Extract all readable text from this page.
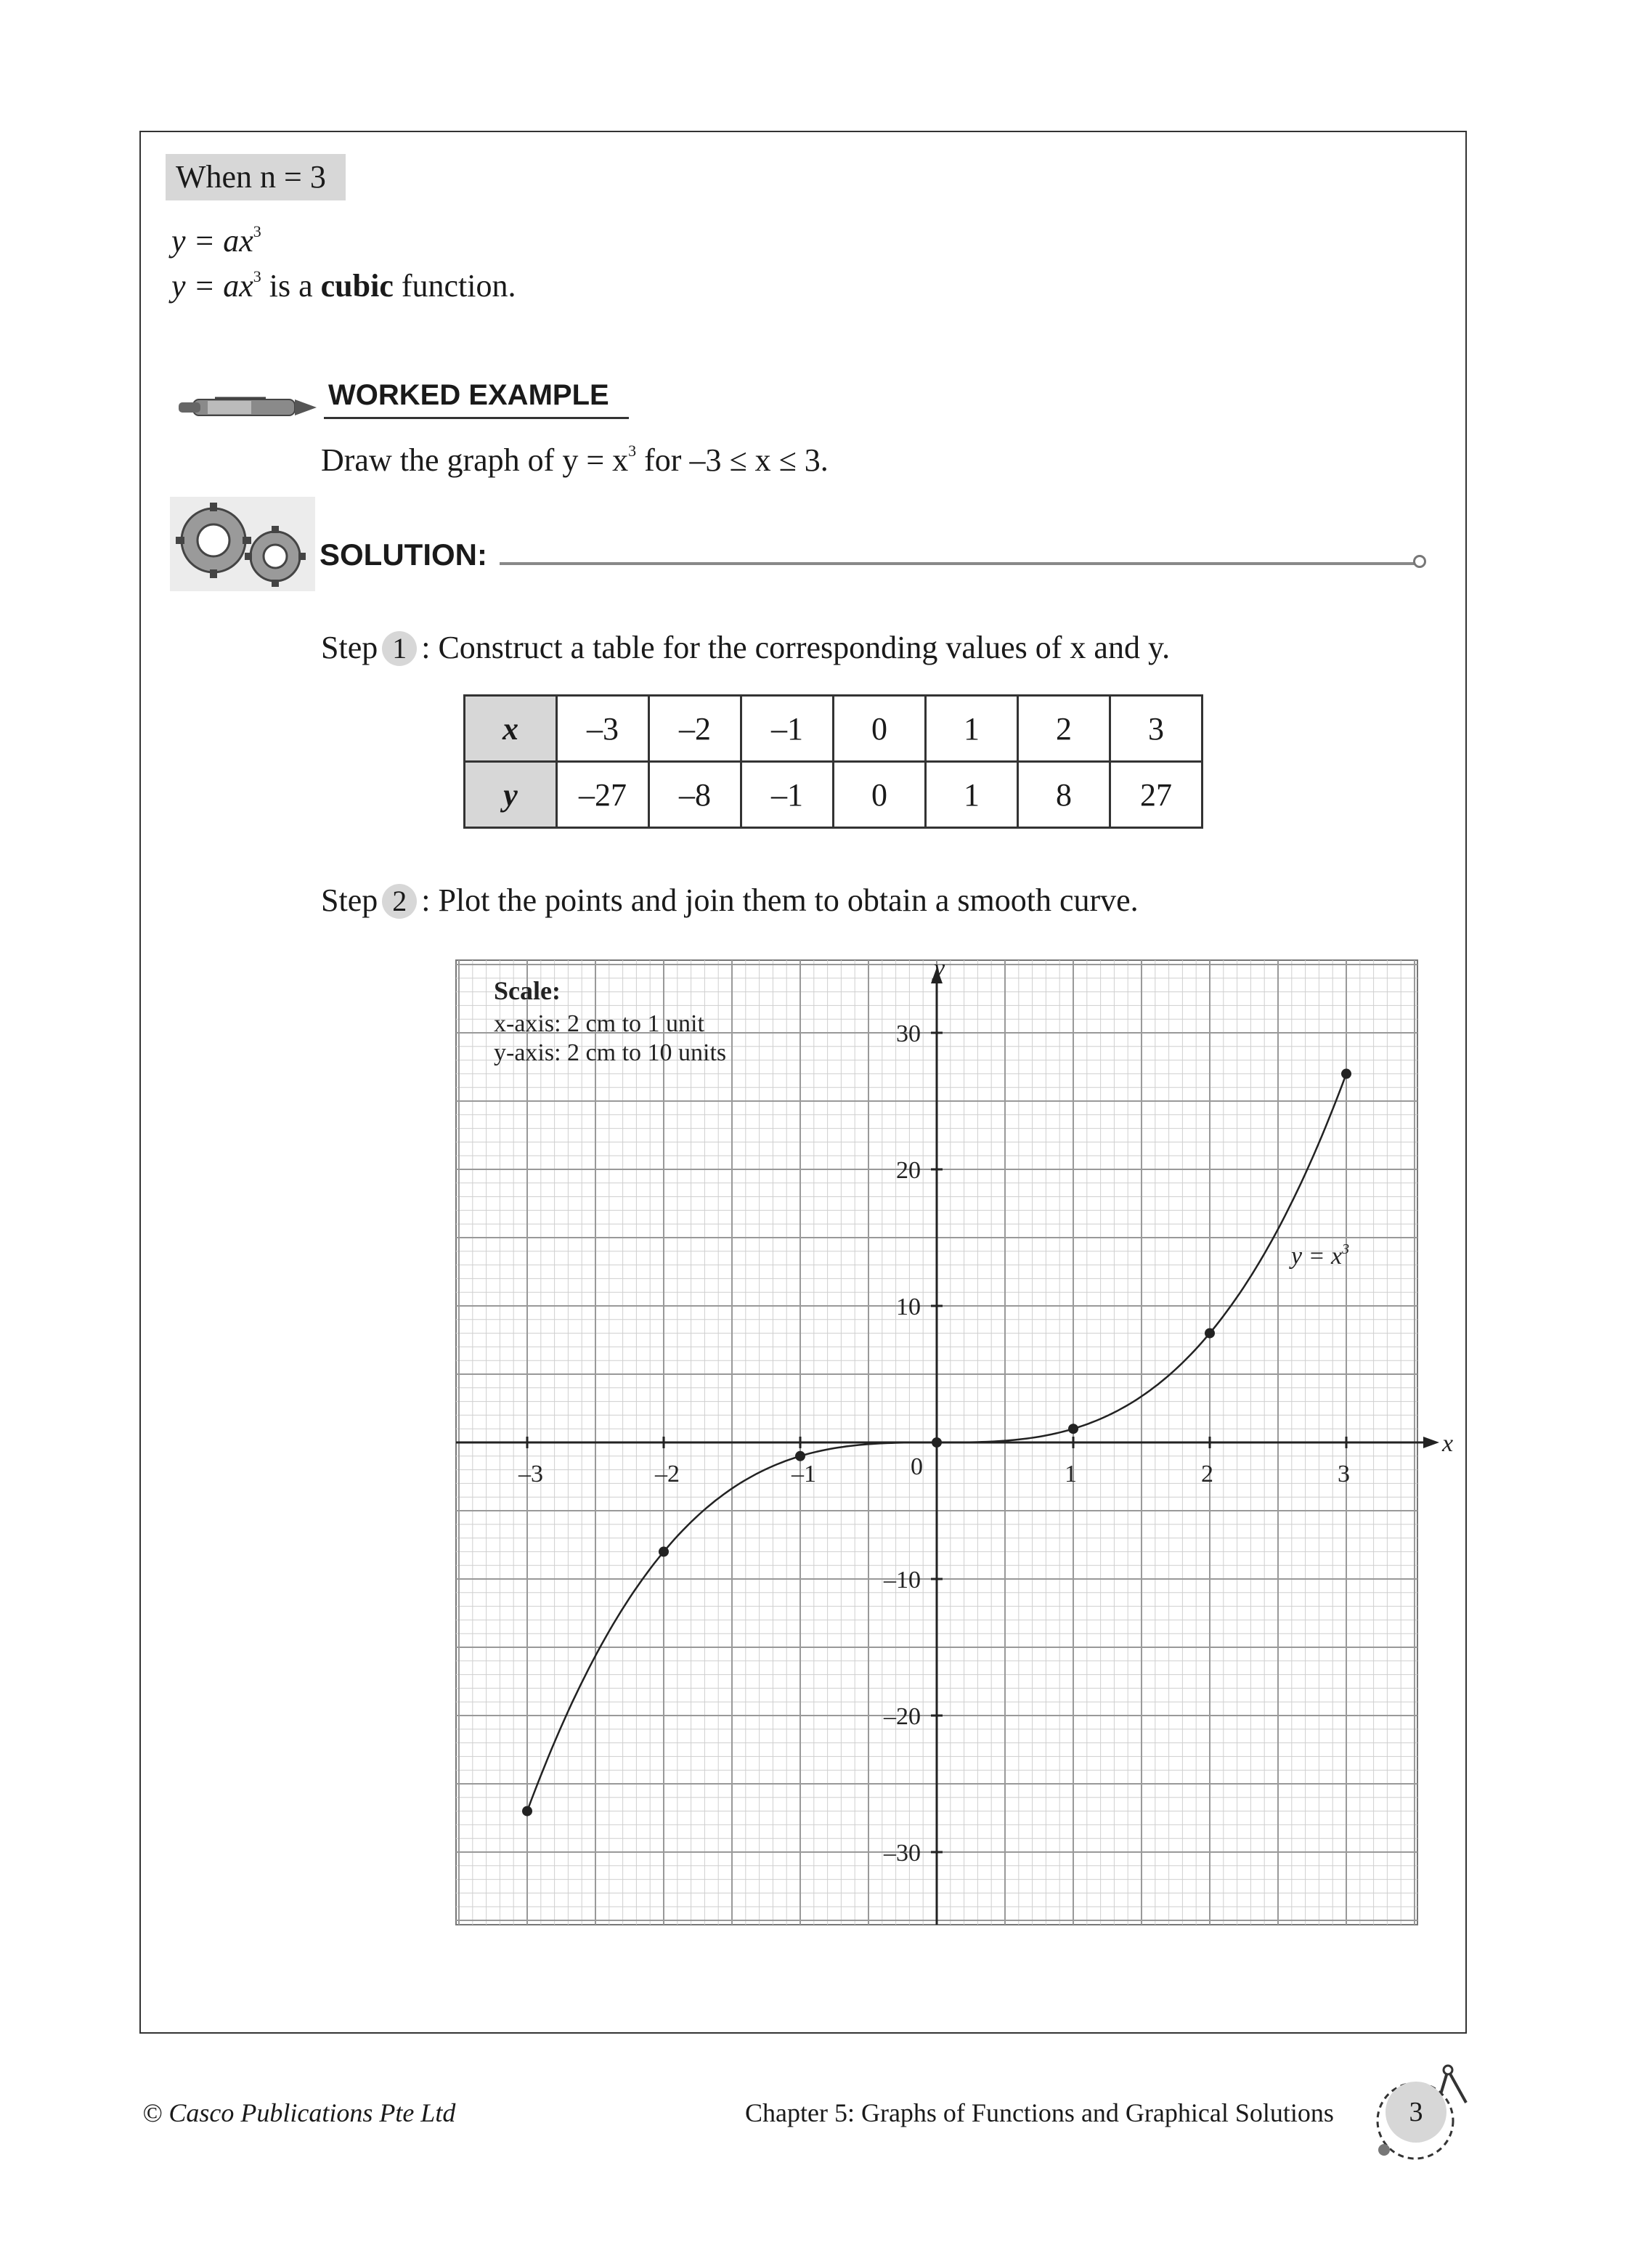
When n = 3
$y = ax^3$
$y = ax^3$ is a cubic function.
WORKED EXAMPLE
Draw the graph of $y = x^3$ for –3 ≤ x ≤ 3.
SOLUTION:
Step 1 : Construct a table for the corresponding values of x and y.
x	–3	–2	–1	0	1	2	3
y	–27	–8	–1	0	1	8	27
Step 2 : Plot the points and join them to obtain a smooth curve.
x
y
–3	–2	–1	0	1	2	3
–30
–20
–10
10
20
30
Scale:
x-axis: 2 cm to 1 unit
y-axis: 2 cm to 10 units
$y = x^3$
© Casco Publications Pte Ltd	Chapter 5: Graphs of Functions and Graphical Solutions	3
